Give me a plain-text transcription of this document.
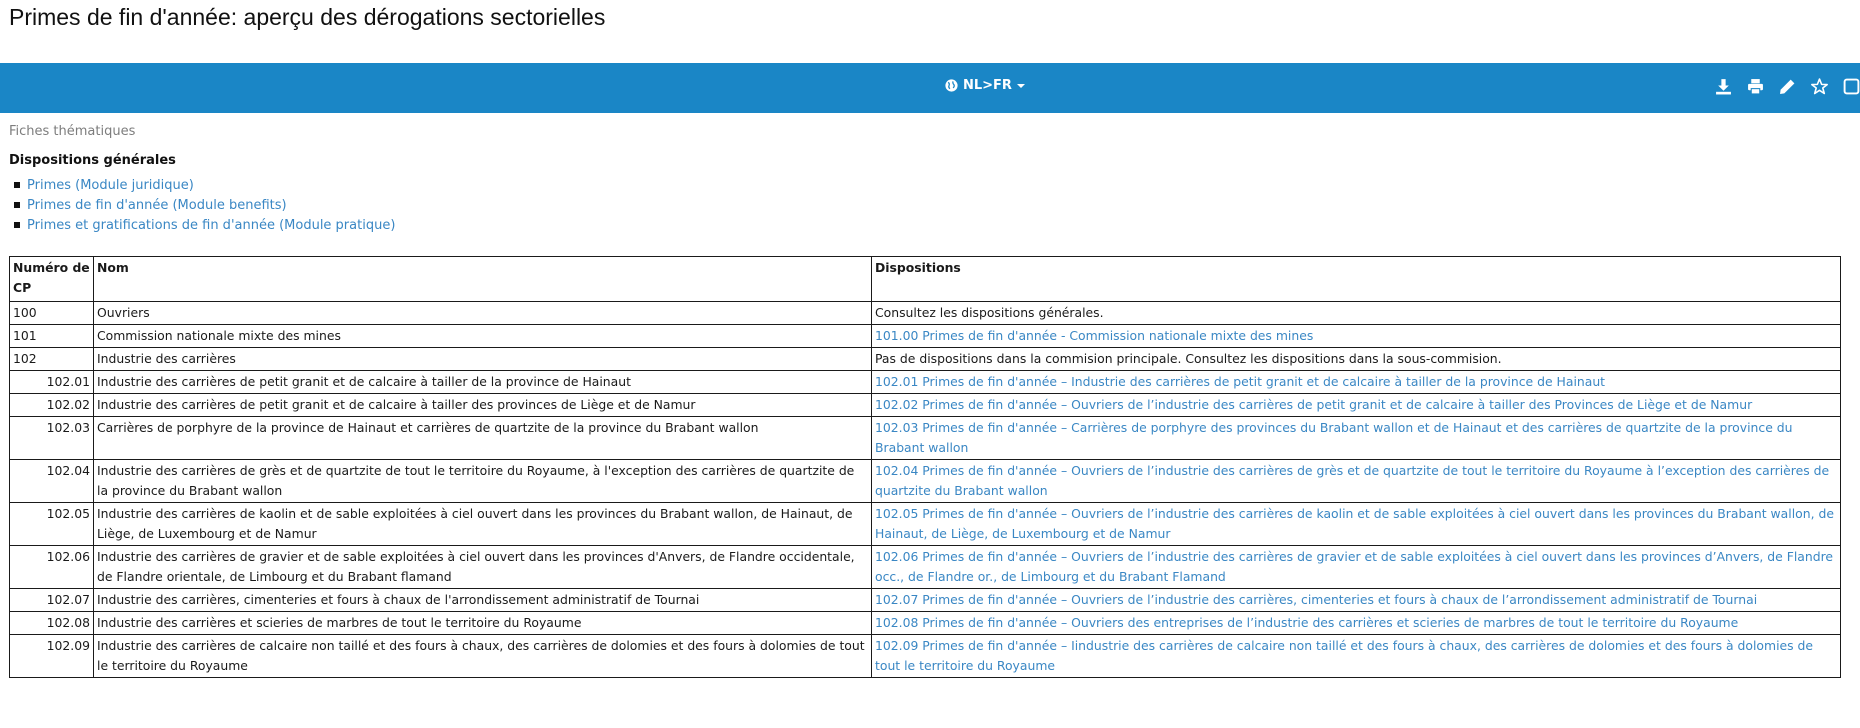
Primes de fin d'année: aperçu des dérogations sectorielles
NL>FR
Fiches thématiques
Dispositions générales
Primes (Module juridique)
Primes de fin d'année (Module benefits)
Primes et gratifications de fin d'année (Module pratique)
Numéro de CP	Nom	Dispositions
100	Ouvriers	Consultez les dispositions générales.
101	Commission nationale mixte des mines	101.00 Primes de fin d'année - Commission nationale mixte des mines
102	Industrie des carrières	Pas de dispositions dans la commision principale. Consultez les dispositions dans la sous-commision.
102.01	Industrie des carrières de petit granit et de calcaire à tailler de la province de Hainaut	102.01 Primes de fin d'année – Industrie des carrières de petit granit et de calcaire à tailler de la province de Hainaut
102.02	Industrie des carrières de petit granit et de calcaire à tailler des provinces de Liège et de Namur	102.02 Primes de fin d'année – Ouvriers de l’industrie des carrières de petit granit et de calcaire à tailler des Provinces de Liège et de Namur
102.03	Carrières de porphyre de la province de Hainaut et carrières de quartzite de la province du Brabant wallon	102.03 Primes de fin d'année – Carrières de porphyre des provinces du Brabant wallon et de Hainaut et des carrières de quartzite de la province du Brabant wallon
102.04	Industrie des carrières de grès et de quartzite de tout le territoire du Royaume, à l'exception des carrières de quartzite de la province du Brabant wallon	102.04 Primes de fin d'année – Ouvriers de l’industrie des carrières de grès et de quartzite de tout le territoire du Royaume à l’exception des carrières de quartzite du Brabant wallon
102.05	Industrie des carrières de kaolin et de sable exploitées à ciel ouvert dans les provinces du Brabant wallon, de Hainaut, de Liège, de Luxembourg et de Namur	102.05 Primes de fin d'année – Ouvriers de l’industrie des carrières de kaolin et de sable exploitées à ciel ouvert dans les provinces du Brabant wallon, de Hainaut, de Liège, de Luxembourg et de Namur
102.06	Industrie des carrières de gravier et de sable exploitées à ciel ouvert dans les provinces d'Anvers, de Flandre occidentale, de Flandre orientale, de Limbourg et du Brabant flamand	102.06 Primes de fin d'année – Ouvriers de l’industrie des carrières de gravier et de sable exploitées à ciel ouvert dans les provinces d’Anvers, de Flandre occ., de Flandre or., de Limbourg et du Brabant Flamand
102.07	Industrie des carrières, cimenteries et fours à chaux de l'arrondissement administratif de Tournai	102.07 Primes de fin d'année – Ouvriers de l’industrie des carrières, cimenteries et fours à chaux de l’arrondissement administratif de Tournai
102.08	Industrie des carrières et scieries de marbres de tout le territoire du Royaume	102.08 Primes de fin d'année – Ouvriers des entreprises de l’industrie des carrières et scieries de marbres de tout le territoire du Royaume
102.09	Industrie des carrières de calcaire non taillé et des fours à chaux, des carrières de dolomies et des fours à dolomies de tout le territoire du Royaume	102.09 Primes de fin d'année – Iindustrie des carrières de calcaire non taillé et des fours à chaux, des carrières de dolomies et des fours à dolomies de tout le territoire du Royaume
